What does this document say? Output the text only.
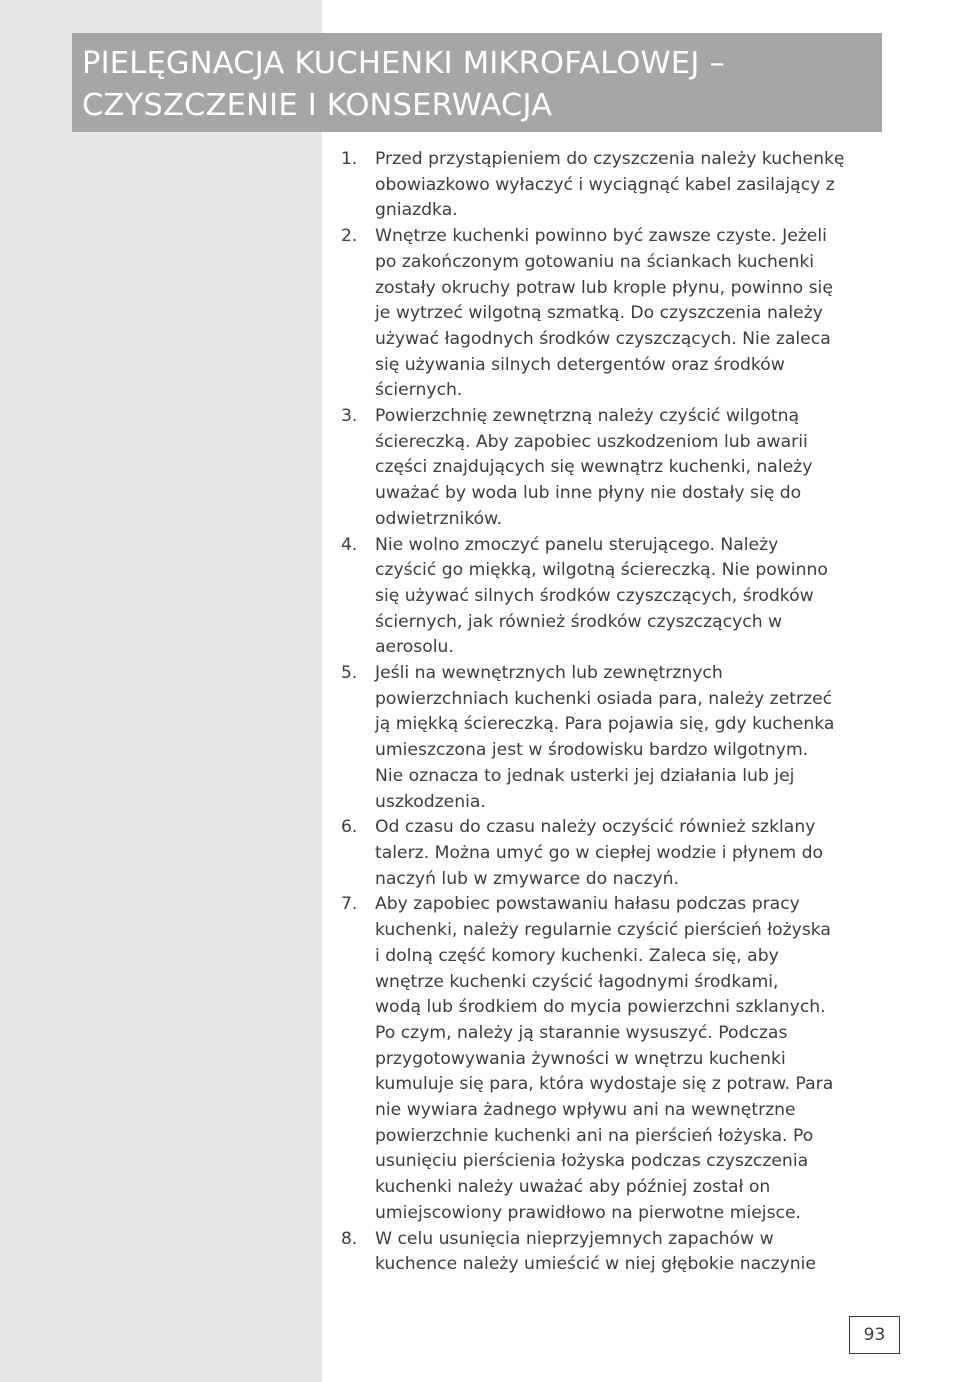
PIELĘGNACJA KUCHENKI MIKROFALOWEJ –
CZYSZCZENIE I KONSERWACJA
1. Przed przystąpieniem do czyszczenia należy kuchenkę
obowiazkowo wyłaczyć i wyciągnąć kabel zasilający z
gniazdka.
2. Wnętrze kuchenki powinno być zawsze czyste. Jeżeli
po zakończonym gotowaniu na ściankach kuchenki
zostały okruchy potraw lub krople płynu, powinno się
je wytrzeć wilgotną szmatką. Do czyszczenia należy
używać łagodnych środków czyszczących. Nie zaleca
się używania silnych detergentów oraz środków
ściernych.
3. Powierzchnię zewnętrzną należy czyścić wilgotną
ściereczką. Aby zapobiec uszkodzeniom lub awarii
części znajdujących się wewnątrz kuchenki, należy
uważać by woda lub inne płyny nie dostały się do
odwietrzników.
4. Nie wolno zmoczyć panelu sterującego. Należy
czyścić go miękką, wilgotną ściereczką. Nie powinno
się używać silnych środków czyszczących, środków
ściernych, jak również środków czyszczących w
aerosolu.
5. Jeśli na wewnętrznych lub zewnętrznych
powierzchniach kuchenki osiada para, należy zetrzeć
ją miękką ściereczką. Para pojawia się, gdy kuchenka
umieszczona jest w środowisku bardzo wilgotnym.
Nie oznacza to jednak usterki jej działania lub jej
uszkodzenia.
6. Od czasu do czasu należy oczyścić również szklany
talerz. Można umyć go w ciepłej wodzie i płynem do
naczyń lub w zmywarce do naczyń.
7. Aby zapobiec powstawaniu hałasu podczas pracy
kuchenki, należy regularnie czyścić pierścień łożyska
i dolną część komory kuchenki. Zaleca się, aby
wnętrze kuchenki czyścić łagodnymi środkami,
wodą lub środkiem do mycia powierzchni szklanych.
Po czym, należy ją starannie wysuszyć. Podczas
przygotowywania żywności w wnętrzu kuchenki
kumuluje się para, która wydostaje się z potraw. Para
nie wywiara żadnego wpływu ani na wewnętrzne
powierzchnie kuchenki ani na pierścień łożyska. Po
usunięciu pierścienia łożyska podczas czyszczenia
kuchenki należy uważać aby później został on
umiejscowiony prawidłowo na pierwotne miejsce.
8. W celu usunięcia nieprzyjemnych zapachów w
kuchence należy umieścić w niej głębokie naczynie
93
